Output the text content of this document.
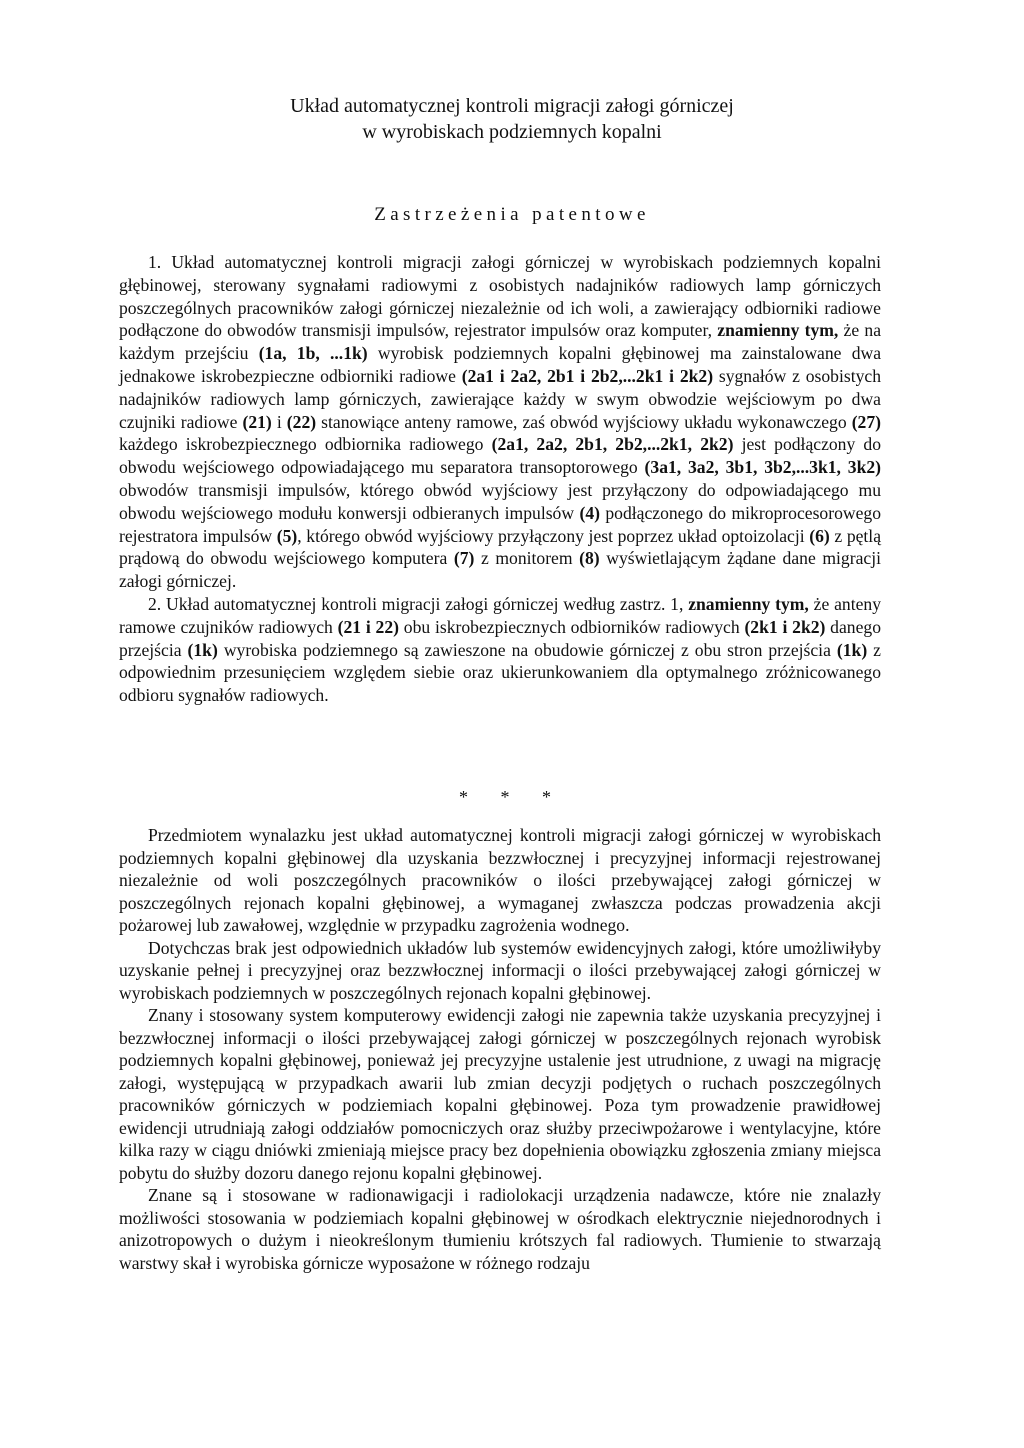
Układ automatycznej kontroli migracji załogi górniczej
w wyrobiskach podziemnych kopalni
Zastrzeżenia patentowe

1. Układ automatycznej kontroli migracji załogi górniczej w wyrobiskach podziemnych kopalni głębinowej, sterowany sygnałami radiowymi z osobistych nadajników radiowych lamp górniczych poszczególnych pracowników załogi górniczej niezależnie od ich woli, a zawierający odbiorniki radiowe podłączone do obwodów transmisji impulsów, rejestrator impulsów oraz komputer, znamienny tym, że na każdym przejściu (1a, 1b, ...1k) wyrobisk podziemnych kopalni głębinowej ma zainstalowane dwa jednakowe iskrobezpieczne odbiorniki radiowe (2a1 i 2a2, 2b1 i 2b2,...2k1 i 2k2) sygnałów z osobistych nadajników radiowych lamp górniczych, zawierające każdy w swym obwodzie wejściowym po dwa czujniki radiowe (21) i (22) stanowiące anteny ramowe, zaś obwód wyjściowy układu wykonawczego (27) każdego iskrobezpiecznego odbiornika radiowego (2a1, 2a2, 2b1, 2b2,...2k1, 2k2) jest podłączony do obwodu wejściowego odpowiadającego mu separatora transoptorowego (3a1, 3a2, 3b1, 3b2,...3k1, 3k2) obwodów transmisji impulsów, którego obwód wyjściowy jest przyłączony do odpowiadającego mu obwodu wejściowego modułu konwersji odbieranych impulsów (4) podłączonego do mikroprocesorowego rejestratora impulsów (5), którego obwód wyjściowy przyłączony jest poprzez układ optoizolacji (6) z pętlą prądową do obwodu wejściowego komputera (7) z monitorem (8) wyświetlającym żądane dane migracji załogi górniczej.

2. Układ automatycznej kontroli migracji załogi górniczej według zastrz. 1, znamienny tym, że anteny ramowe czujników radiowych (21 i 22) obu iskrobezpiecznych odbiorników radiowych (2k1 i 2k2) danego przejścia (1k) wyrobiska podziemnego są zawieszone na obudowie górniczej z obu stron przejścia (1k) z odpowiednim przesunięciem względem siebie oraz ukierunkowaniem dla optymalnego zróżnicowanego odbioru sygnałów radiowych.

* * *

Przedmiotem wynalazku jest układ automatycznej kontroli migracji załogi górniczej w wyrobiskach podziemnych kopalni głębinowej dla uzyskania bezzwłocznej i precyzyjnej informacji rejestrowanej niezależnie od woli poszczególnych pracowników o ilości przebywającej załogi górniczej w poszczególnych rejonach kopalni głębinowej, a wymaganej zwłaszcza podczas prowadzenia akcji pożarowej lub zawałowej, względnie w przypadku zagrożenia wodnego.

Dotychczas brak jest odpowiednich układów lub systemów ewidencyjnych załogi, które umożliwiłyby uzyskanie pełnej i precyzyjnej oraz bezzwłocznej informacji o ilości przebywającej załogi górniczej w wyrobiskach podziemnych w poszczególnych rejonach kopalni głębinowej.

Znany i stosowany system komputerowy ewidencji załogi nie zapewnia także uzyskania precyzyjnej i bezzwłocznej informacji o ilości przebywającej załogi górniczej w poszczególnych rejonach wyrobisk podziemnych kopalni głębinowej, ponieważ jej precyzyjne ustalenie jest utrudnione, z uwagi na migrację załogi, występującą w przypadkach awarii lub zmian decyzji podjętych o ruchach poszczególnych pracowników górniczych w podziemiach kopalni głębinowej. Poza tym prowadzenie prawidłowej ewidencji utrudniają załogi oddziałów pomocniczych oraz służby przeciwpożarowe i wentylacyjne, które kilka razy w ciągu dniówki zmieniają miejsce pracy bez dopełnienia obowiązku zgłoszenia zmiany miejsca pobytu do służby dozoru danego rejonu kopalni głębinowej.

Znane są i stosowane w radionawigacji i radiolokacji urządzenia nadawcze, które nie znalazły możliwości stosowania w podziemiach kopalni głębinowej w ośrodkach elektrycznie niejednorodnych i anizotropowych o dużym i nieokreślonym tłumieniu krótszych fal radiowych. Tłumienie to stwarzają warstwy skał i wyrobiska górnicze wyposażone w różnego rodzaju
